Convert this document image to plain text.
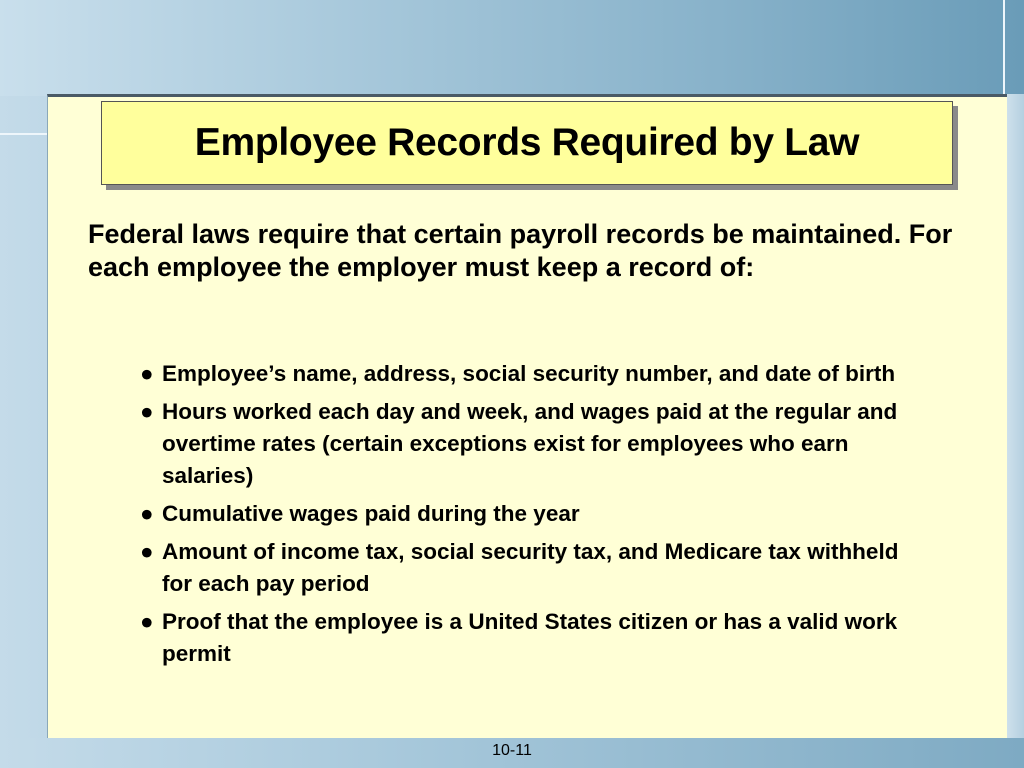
Employee Records Required by Law

Federal laws require that certain payroll records be maintained. For each employee the employer must keep a record of:

● Employee’s name, address, social security number, and date of birth
● Hours worked each day and week, and wages paid at the regular and overtime rates (certain exceptions exist for employees who earn salaries)
● Cumulative wages paid during the year
● Amount of income tax, social security tax, and Medicare tax withheld for each pay period
● Proof that the employee is a United States citizen or has a valid work permit
10-11
